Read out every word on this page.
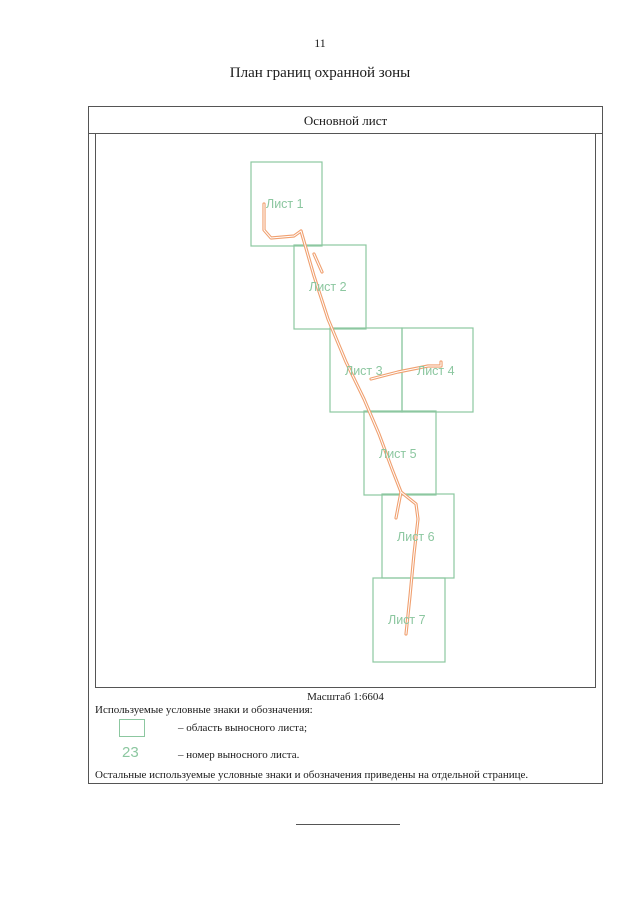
11
План границ охранной зоны
Основной лист
Лист 1
Лист 2
Лист 3	Лист 4
Лист 5
Лист 6
Лист 7
Масштаб 1:6604
Используемые условные знаки и обозначения:
– область выносного листа;
23	– номер выносного листа.
Остальные используемые условные знаки и обозначения приведены на отдельной странице.
